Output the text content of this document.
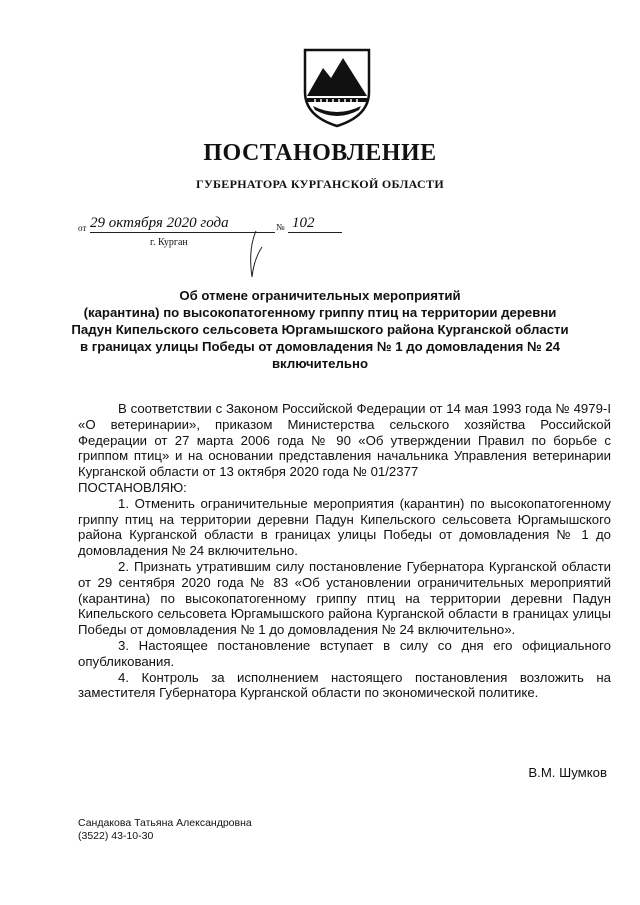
ПОСТАНОВЛЕНИЕ
ГУБЕРНАТОРА КУРГАНСКОЙ ОБЛАСТИ
от 29 октября 2020 года	№ 102
г. Курган
Об отмене ограничительных мероприятий
(карантина) по высокопатогенному гриппу птиц на территории деревни
Падун Кипельского сельсовета Юргамышского района Курганской области
в границах улицы Победы от домовладения № 1 до домовладения № 24
включительно

В соответствии с Законом Российской Федерации от 14 мая 1993 года № 4979-I «О ветеринарии», приказом Министерства сельского хозяйства Российской Федерации от 27 марта 2006 года № 90 «Об утверждении Правил по борьбе с гриппом птиц» и на основании представления начальника Управления ветеринарии Курганской области от 13 октября 2020 года № 01/2377

ПОСТАНОВЛЯЮ:

1. Отменить ограничительные мероприятия (карантин) по высокопатогенному гриппу птиц на территории деревни Падун Кипельского сельсовета Юргамышского района Курганской области в границах улицы Победы от домовладения № 1 до домовладения № 24 включительно.

2. Признать утратившим силу постановление Губернатора Курганской области от 29 сентября 2020 года № 83 «Об установлении ограничительных мероприятий (карантина) по высокопатогенному гриппу птиц на территории деревни Падун Кипельского сельсовета Юргамышского района Курганской области в границах улицы Победы от домовладения № 1 до домовладения № 24 включительно».

3. Настоящее постановление вступает в силу со дня его официального опубликования.

4. Контроль за исполнением настоящего постановления возложить на заместителя Губернатора Курганской области по экономической политике.

В.М. Шумков
Сандакова Татьяна Александровна
(3522) 43-10-30
